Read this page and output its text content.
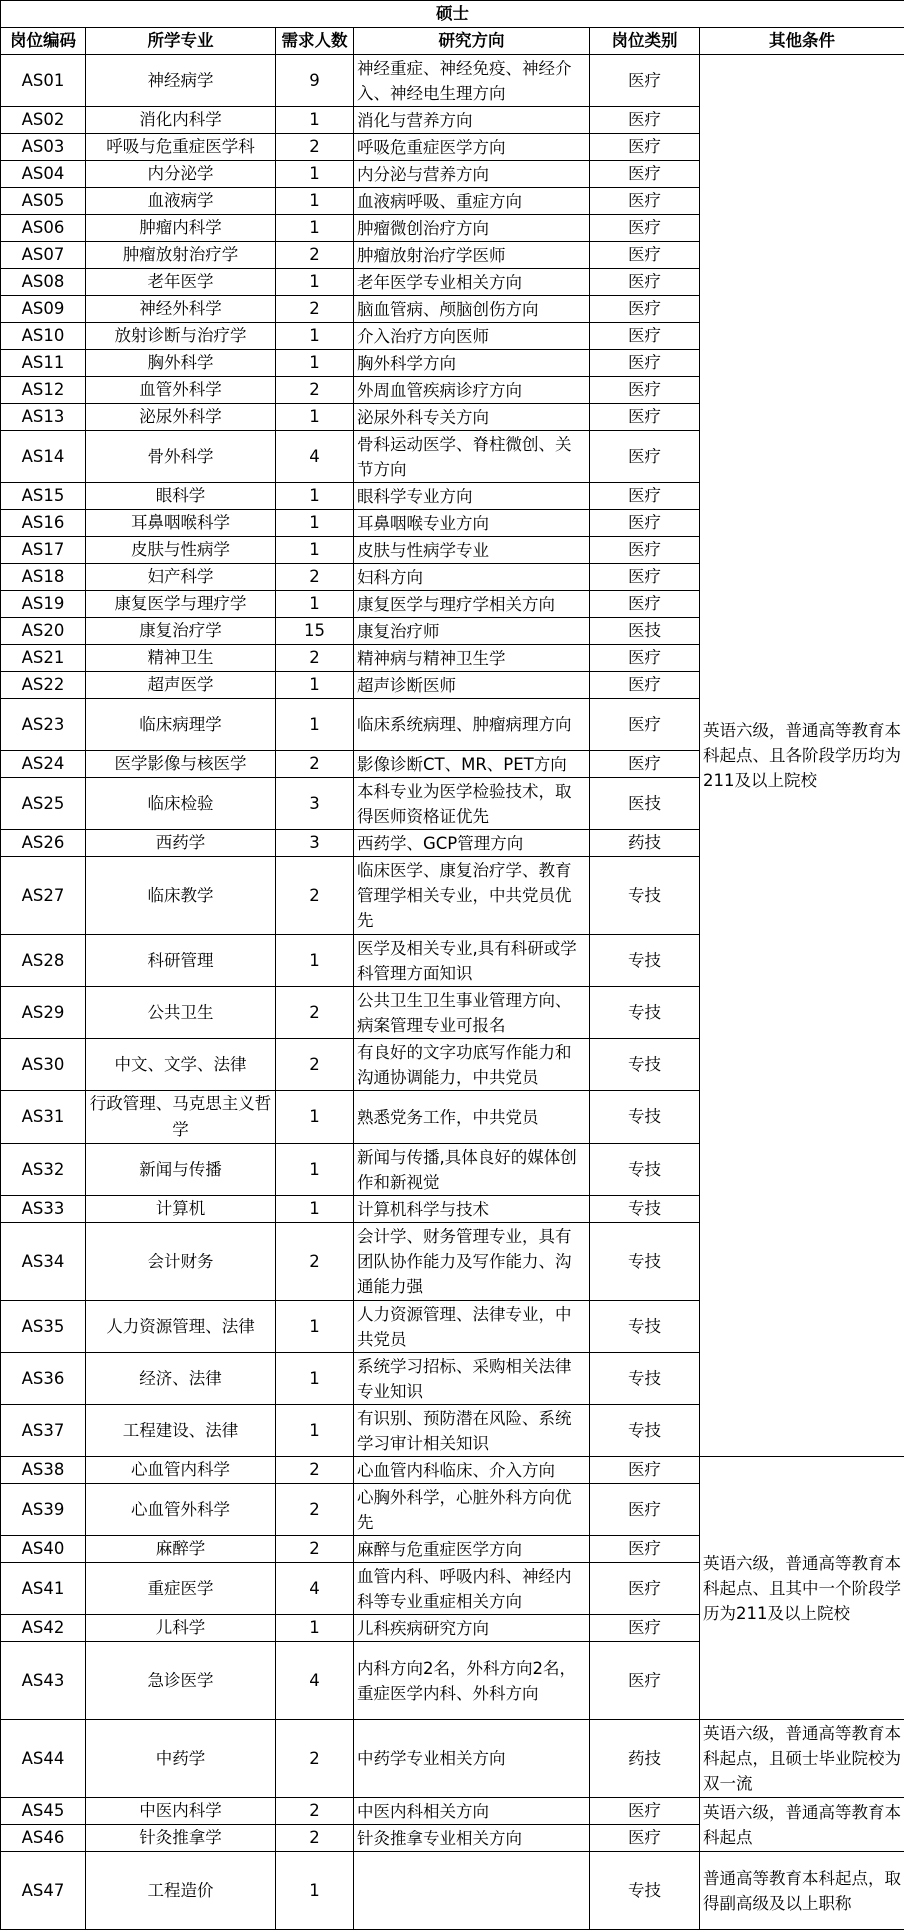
硕士					
岗位编码	所学专业	需求人数	研究方向	岗位类别	其他条件
AS01	神经病学	9	神经重症、神经免疫、神经介入、神经电生理方向	医疗	英语六级，普通高等教育本科起点、且各阶段学历均为211及以上院校
AS02	消化内科学	1	消化与营养方向	医疗	
AS03	呼吸与危重症医学科	2	呼吸危重症医学方向	医疗	
AS04	内分泌学	1	内分泌与营养方向	医疗	
AS05	血液病学	1	血液病呼吸、重症方向	医疗	
AS06	肿瘤内科学	1	肿瘤微创治疗方向	医疗	
AS07	肿瘤放射治疗学	2	肿瘤放射治疗学医师	医疗	
AS08	老年医学	1	老年医学专业相关方向	医疗	
AS09	神经外科学	2	脑血管病、颅脑创伤方向	医疗	
AS10	放射诊断与治疗学	1	介入治疗方向医师	医疗	
AS11	胸外科学	1	胸外科学方向	医疗	
AS12	血管外科学	2	外周血管疾病诊疗方向	医疗	
AS13	泌尿外科学	1	泌尿外科专关方向	医疗	
AS14	骨外科学	4	骨科运动医学、脊柱微创、关节方向	医疗	
AS15	眼科学	1	眼科学专业方向	医疗	
AS16	耳鼻咽喉科学	1	耳鼻咽喉专业方向	医疗	
AS17	皮肤与性病学	1	皮肤与性病学专业	医疗	
AS18	妇产科学	2	妇科方向	医疗	
AS19	康复医学与理疗学	1	康复医学与理疗学相关方向	医疗	
AS20	康复治疗学	15	康复治疗师	医技	
AS21	精神卫生	2	精神病与精神卫生学	医疗	
AS22	超声医学	1	超声诊断医师	医疗	
AS23	临床病理学	1	临床系统病理、肿瘤病理方向	医疗	
AS24	医学影像与核医学	2	影像诊断CT、MR、PET方向	医疗	
AS25	临床检验	3	本科专业为医学检验技术，取得医师资格证优先	医技	
AS26	西药学	3	西药学、GCP管理方向	药技	
AS27	临床教学	2	临床医学、康复治疗学、教育管理学相关专业，中共党员优先	专技	
AS28	科研管理	1	医学及相关专业,具有科研或学科管理方面知识	专技	
AS29	公共卫生	2	公共卫生卫生事业管理方向、病案管理专业可报名	专技	
AS30	中文、文学、法律	2	有良好的文字功底写作能力和沟通协调能力，中共党员	专技	
AS31	行政管理、马克思主义哲学	1	熟悉党务工作，中共党员	专技	
AS32	新闻与传播	1	新闻与传播,具体良好的媒体创作和新视觉	专技	
AS33	计算机	1	计算机科学与技术	专技	
AS34	会计财务	2	会计学、财务管理专业，具有团队协作能力及写作能力、沟通能力强	专技	
AS35	人力资源管理、法律	1	人力资源管理、法律专业，中共党员	专技	
AS36	经济、法律	1	系统学习招标、采购相关法律专业知识	专技	
AS37	工程建设、法律	1	有识别、预防潜在风险、系统学习审计相关知识	专技	
AS38	心血管内科学	2	心血管内科临床、介入方向	医疗	英语六级，普通高等教育本科起点、且其中一个阶段学历为211及以上院校
AS39	心血管外科学	2	心胸外科学，心脏外科方向优先	医疗	
AS40	麻醉学	2	麻醉与危重症医学方向	医疗	
AS41	重症医学	4	血管内科、呼吸内科、神经内科等专业重症相关方向	医疗	
AS42	儿科学	1	儿科疾病研究方向	医疗	
AS43	急诊医学	4	内科方向2名，外科方向2名，重症医学内科、外科方向	医疗	
AS44	中药学	2	中药学专业相关方向	药技	英语六级，普通高等教育本科起点，且硕士毕业院校为双一流
AS45	中医内科学	2	中医内科相关方向	医疗	英语六级，普通高等教育本科起点
AS46	针灸推拿学	2	针灸推拿专业相关方向	医疗	
AS47	工程造价	1		专技	普通高等教育本科起点，取得副高级及以上职称
